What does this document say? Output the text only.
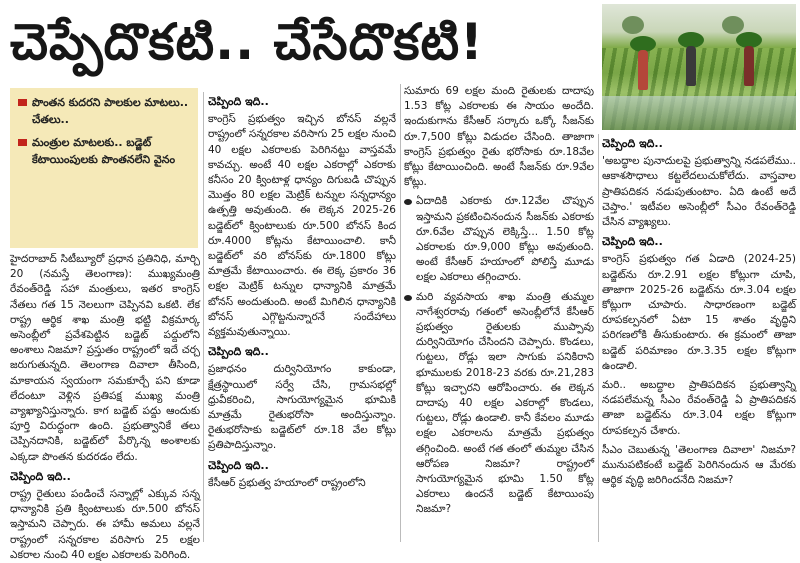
చెప్పేదొకటి.. చేసేదొకటి!
పొంతన కుదరని పాలకుల మాటలు.. చేతలు..
మంత్రుల మాటలకు.. బడ్జెట్ కేటాయింపులకు పొంతనలేని వైనం

హైదరాబాద్ సిటీబ్యూరో ప్రధాన ప్రతినిధి, మార్చి 20 (నమస్తే తెలంగాణ): ముఖ్యమంత్రి రేవంత్‌రెడ్డి సహా మంత్రులు, ఇతర కాంగ్రెస్ నేతలు గత 15 నెలలుగా చెప్పినవి ఒకటి. లేక రాష్ట్ర ఆర్థిక శాఖ మంత్రి భట్టి విక్రమార్క అసెంబ్లీలో ప్రవేశపెట్టిన బడ్జెట్ పద్దులోని అంశాలు నిజమా? ప్రస్తుతం రాష్ట్రంలో ఇదే చర్చ జరుగుతున్నది. తెలంగాణ దివాలా తీసింది, మాకాయన స్వయంగా సమకూర్చే పని కూడా లేదంటూ వెళ్లిన ప్రతిపక్ష ముఖ్య మంత్రి వ్యాఖ్యానిస్తున్నారు. కాగ బడ్జెట్ పద్దు ఆందుకు పూర్తి విరుద్ధంగా ఉంది. ప్రభుత్వానికే తలు చెప్పినదానికి, బడ్జెట్‌లో పేర్కొన్న అంశాలకు ఎక్కడా పొంతన కుదరడం లేదు.

చెప్పింది ఇది..

రాష్ట్ర రైతులు పండించే సన్నాల్లో ఎక్కువ సన్న ధాన్యానికి ప్రతి క్వింటాలుకు రూ.500 బోనస్ ఇస్తామని చెప్పారు. ఈ హామీ అమలు వల్లనే రాష్ట్రంలో సన్నరకాల వరిసాగు 25 లక్షల ఎకరాల నుంచి 40 లక్షల ఎకరాలకు పెరిగింది.

చెప్పింది ఇది..

కాంగ్రెస్ ప్రభుత్వం ఇచ్చిన బోనస్ వల్లనే రాష్ట్రంలో సన్నరకాల వరిసాగు 25 లక్షల నుంచి 40 లక్షల ఎకరాలకు పెరిగినట్టు వాస్తవమే కావచ్చు. అంటే 40 లక్షల ఎకరాల్లో ఎకరాకు కనీసం 20 క్వింటాళ్ల ధాన్యం దిగుబడి చొప్పున మొత్తం 80 లక్షల మెట్రిక్ టన్నుల సన్నధాన్యం ఉత్పత్తి అవుతుంది. ఈ లెక్కన 2025-26 బడ్జెట్‌లో క్వింటాలుకు రూ.500 బోనస్ కింద రూ.4000 కోట్లను కేటాయించాలి. కానీ బడ్జెట్‌లో వరి బోనస్‌కు రూ.1800 కోట్లు మాత్రమే కేటాయించారు. ఈ లెక్క ప్రకారం 36 లక్షల మెట్రిక్ టన్నుల ధాన్యానికి మాత్రమే బోనస్ అందుతుంది. అంటే మిగిలిన ధాన్యానికి బోనస్ ఎగ్గొట్టనున్నారనే సందేహాలు వ్యక్తమవుతున్నాయి.

చెప్పింది ఇది..

ప్రజాధనం దుర్వినియోగం కాకుండా, క్షేత్రస్థాయిలో సర్వే చేసి, గ్రామసభల్లో ధ్రువీకరించి, సాగుయోగ్యమైన భూమికి మాత్రమే రైతుభరోసా అందిస్తున్నాం. రైతుభరోసాకు బడ్జెట్‌లో రూ.18 వేల కోట్లు ప్రతిపాదిస్తున్నాం.

చెప్పింది ఇది..

కేసీఆర్ ప్రభుత్వ హయాంలో రాష్ట్రంలోని

సుమారు 69 లక్షల మంది రైతులకు దాదాపు 1.53 కోట్ల ఎకరాలకు ఈ సాయం అందేది. ఇందుకుగాను కేసీఆర్ సర్కారు ఒక్కో సీజన్‌కు రూ.7,500 కోట్లు విడుదల చేసింది. తాజాగా కాంగ్రెస్ ప్రభుత్వం రైతు భరోసాకు రూ.18వేల కోట్లు కేటాయించింది. అంటే సీజన్‌కు రూ.9వేల కోట్లు.

ఏదాదికి ఎకరాకు రూ.12వేల చొప్పున ఇస్తామని ప్రకటించినందున సీజన్‌కు ఎకరాకు రూ.6వేల చొప్పున లెక్కిస్తే... 1.50 కోట్ల ఎకరాలకు రూ.9,000 కోట్లు అవుతుంది. అంటే కేసీఆర్ హయాంలో పోలిస్తే మూడు లక్షల ఎకరాలు తగ్గించారు.

మరి వ్యవసాయ శాఖ మంత్రి తుమ్మల నాగేశ్వరరావు గతంలో అసెంబ్లీలోనే కేసీఆర్ ప్రభుత్వం రైతులకు ముప్పావు దుర్వినియోగం చేసిందని చెప్పారు. కొండలు, గుట్టలు, రోడ్లు ఇలా సాగుకు పనికిరాని భూములకు 2018-23 వరకు రూ.21,283 కోట్లు ఇచ్చారని ఆరోపించారు. ఈ లెక్కన దాదాపు 40 లక్షల ఎకరాల్లో కొండలు, గుట్టలు, రోడ్లు ఉండాలి. కానీ కేవలం మూడు లక్షల ఎకరాలను మాత్రమే ప్రభుత్వం తగ్గించింది. అంటే గత తంలో తుమ్మల చేసిన ఆరోపణ నిజమా? రాష్ట్రంలో సాగుయోగ్యమైన భూమి 1.50 కోట్ల ఎకరాలు ఉందనే బడ్జెట్ కేటాయింపు నిజమా?

చెప్పింది ఇది..

'అబద్ధాల పునాదులపై ప్రభుత్వాన్ని నడపలేము.. ఆకాశసౌధాలు కట్టలేదలుచుకోలేదు. వాస్తవాల ప్రాతిపదికన నడుపుతుంటాం. ఏది ఉంటే అదే చెప్తాం.' ఇటీవల అసెంబ్లీలో సీఎం రేవంత్‌రెడ్డి చేసిన వ్యాఖ్యలు.

చెప్పింది ఇది..

కాంగ్రెస్ ప్రభుత్వం గత ఏడాది (2024-25) బడ్జెట్‌ను రూ.2.91 లక్షల కోట్లుగా చూపి, తాజాగా 2025-26 బడ్జెట్‌ను రూ.3.04 లక్షల కోట్లుగా చూపారు. సాధారణంగా బడ్జెట్ రూపకల్పనలో ఏటా 15 శాతం వృద్ధిని పరిగణలోకి తీసుకుంటారు. ఈ క్రమంలో తాజా బడ్జెట్ పరిమాణం రూ.3.35 లక్షల కోట్లుగా ఉండాలి.

మరి.. అబద్ధాల ప్రాతిపదికన ప్రభుత్వాన్ని నడపలేమన్న సీఎం రేవంత్‌రెడ్డి ఏ ప్రాతిపదికన తాజా బడ్జెట్‌ను రూ.3.04 లక్షల కోట్లుగా రూపకల్పన చేశారు.

సీఎం చెబుతున్న 'తెలంగాణ దివాలా' నిజమా? మునుపటికంటే బడ్జెట్ పెరిగినందున ఆ మేరకు ఆర్థిక వృద్ధి జరిగిందనేది నిజమా?
